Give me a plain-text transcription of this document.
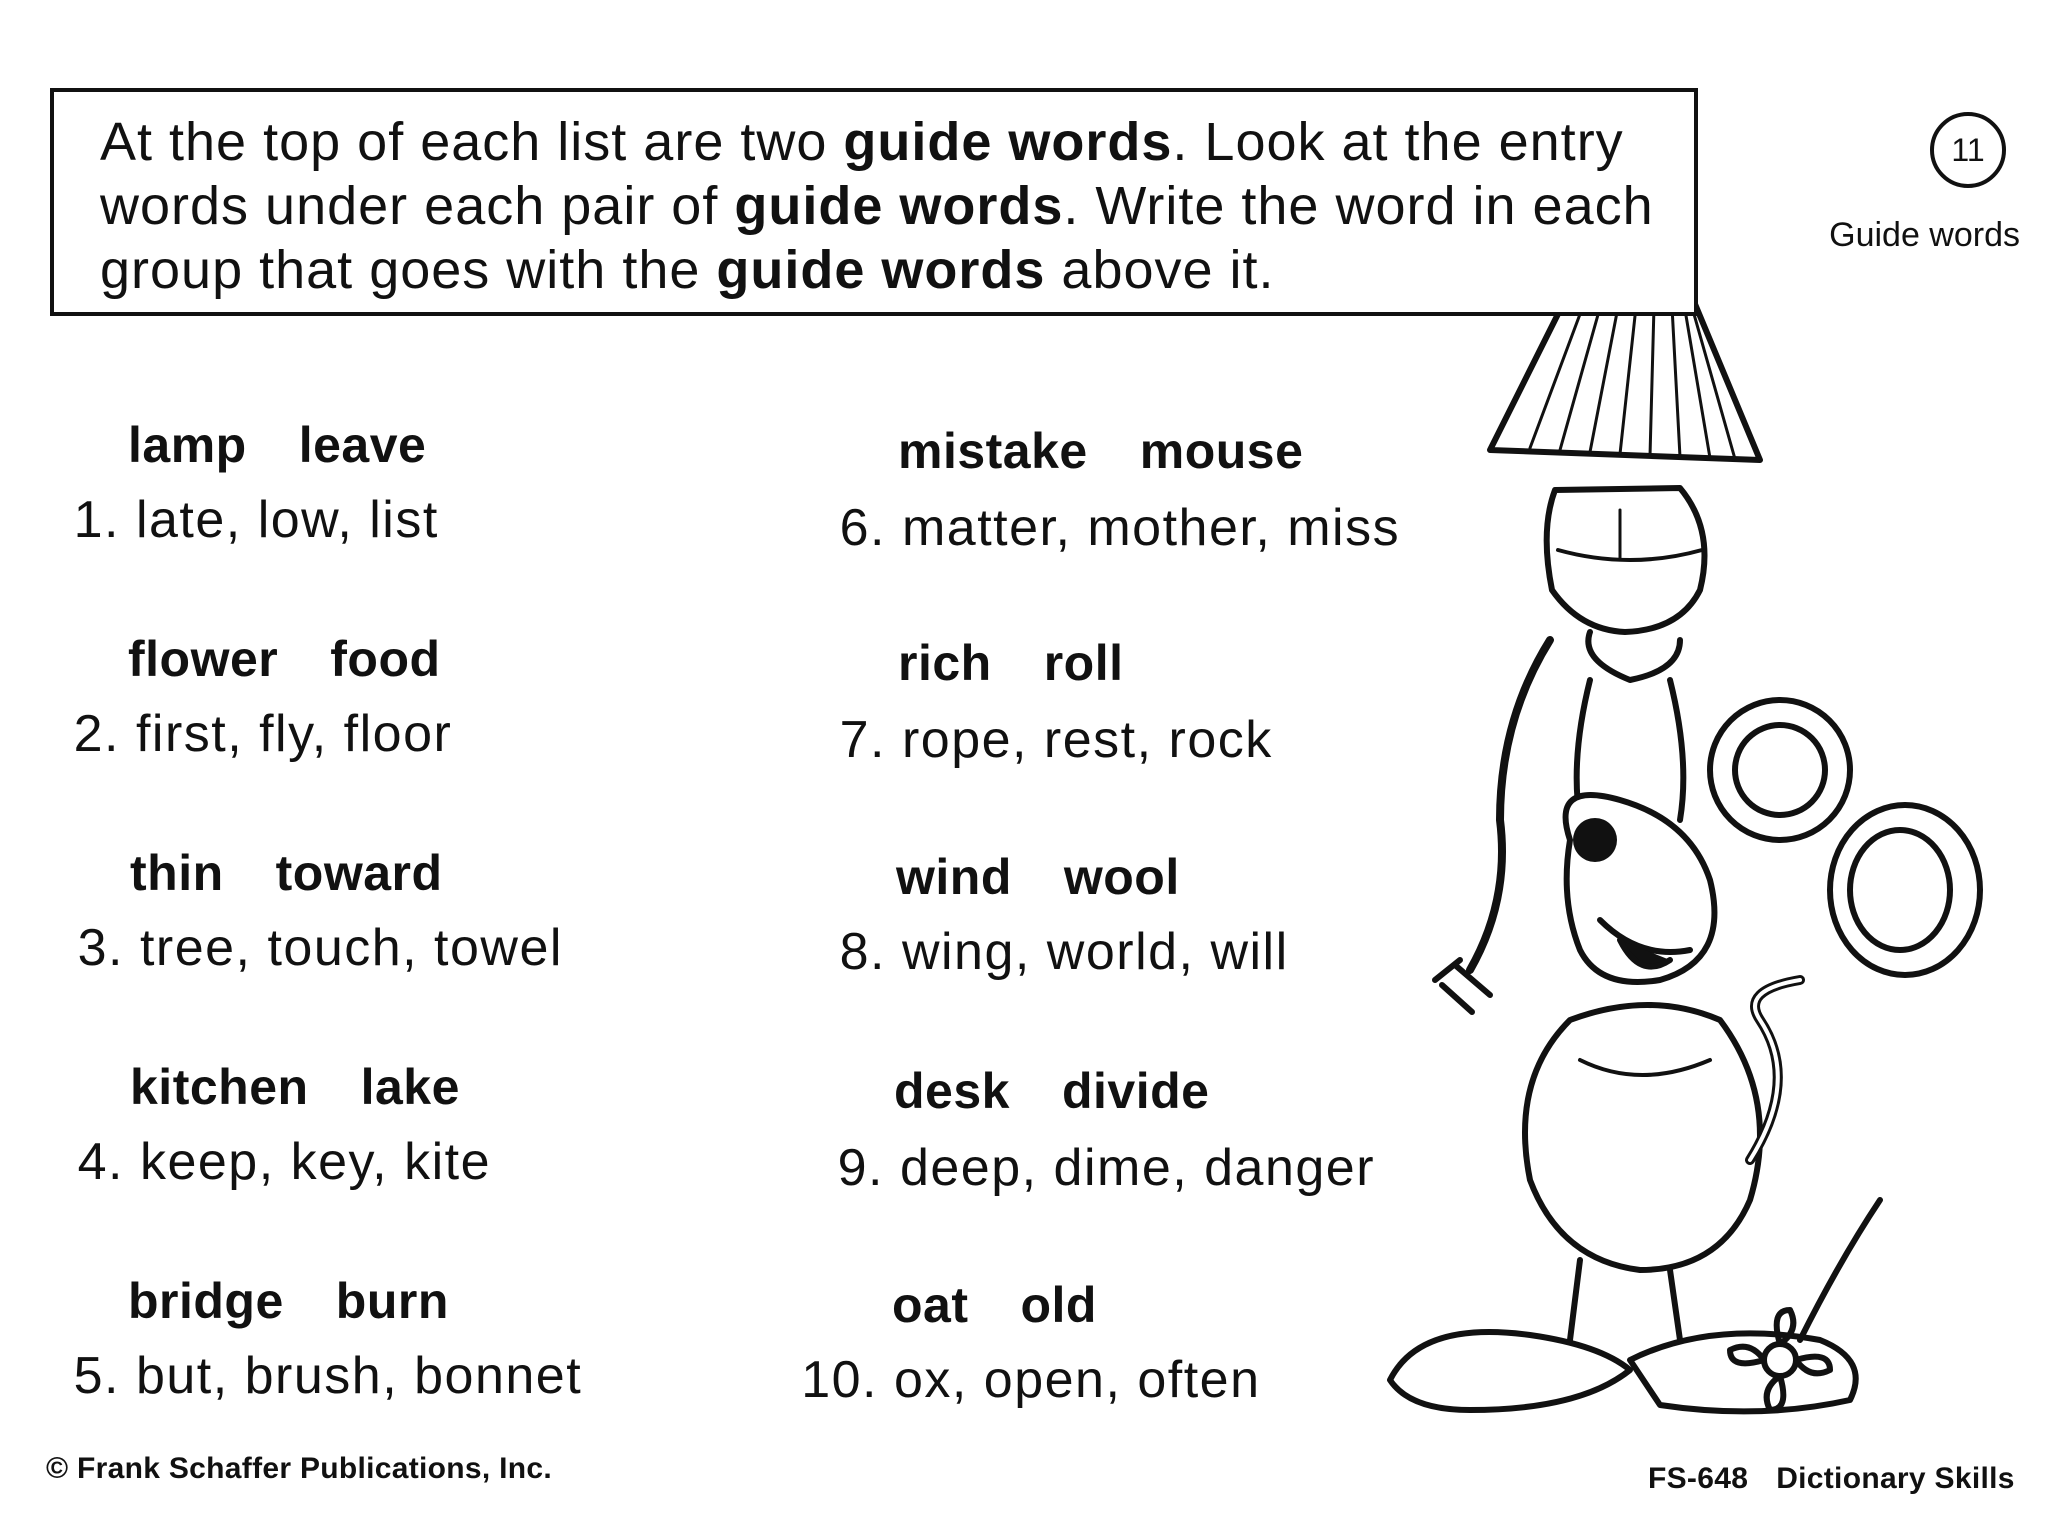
At the top of each list are two guide words. Look at the entry words under each pair of guide words. Write the word in each group that goes with the guide words above it.
11
Guide words
lamp leave
1. late, low, list
flower food
2. first, fly, floor
thin toward
3. tree, touch, towel
kitchen lake
4. keep, key, kite
bridge burn
5. but, brush, bonnet
mistake mouse
6. matter, mother, miss
rich roll
7. rope, rest, rock
wind wool
8. wing, world, will
desk divide
9. deep, dime, danger
oat old
10. ox, open, often
© Frank Schaffer Publications, Inc.	FS-648 Dictionary Skills
